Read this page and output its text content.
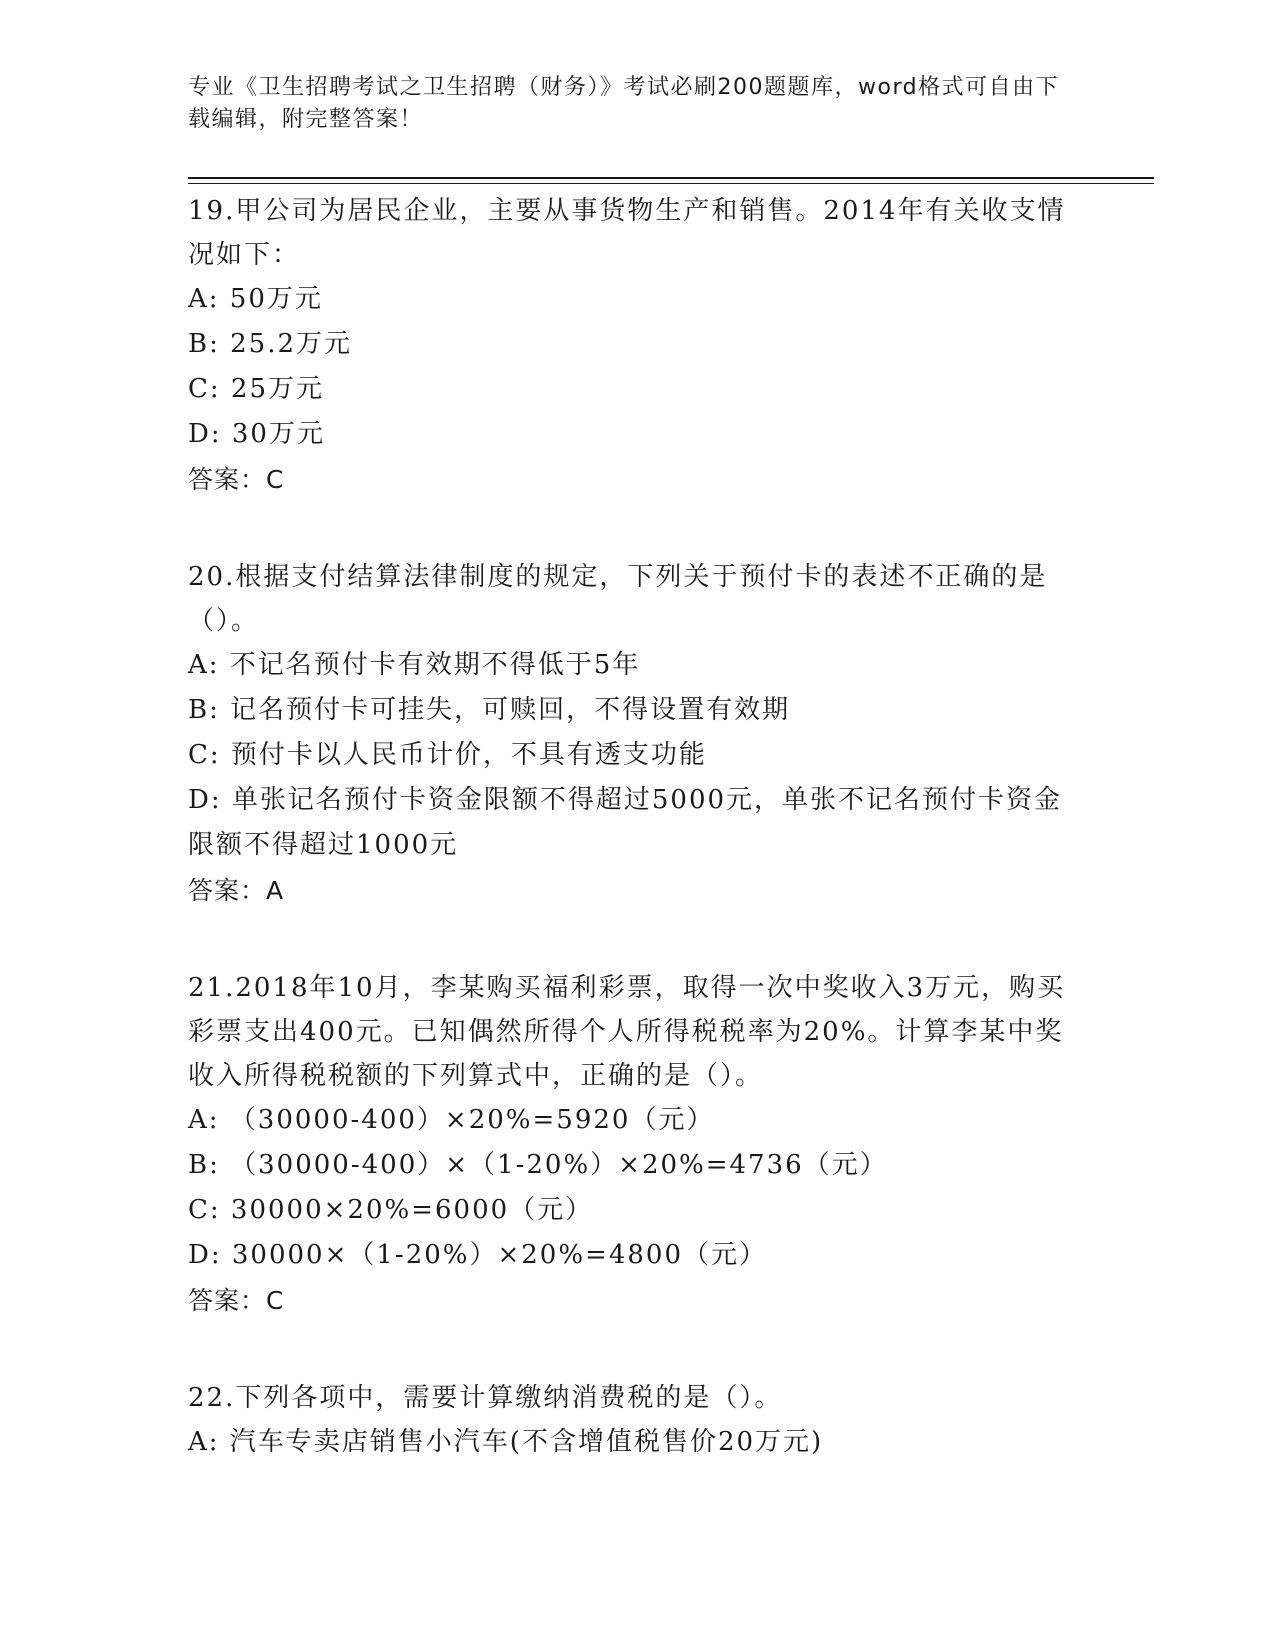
专业《卫生招聘考试之卫生招聘（财务）》考试必刷200题题库，word格式可自由下载编辑，附完整答案！
19.甲公司为居民企业，主要从事货物生产和销售。2014年有关收支情况如下：
A: 50万元
B: 25.2万元
C: 25万元
D: 30万元
答案：C
20.根据支付结算法律制度的规定，下列关于预付卡的表述不正确的是（）。
A: 不记名预付卡有效期不得低于5年
B: 记名预付卡可挂失，可赎回，不得设置有效期
C: 预付卡以人民币计价，不具有透支功能
D: 单张记名预付卡资金限额不得超过5000元，单张不记名预付卡资金限额不得超过1000元
答案：A
21.2018年10月，李某购买福利彩票，取得一次中奖收入3万元，购买彩票支出400元。已知偶然所得个人所得税税率为20%。计算李某中奖收入所得税税额的下列算式中，正确的是（）。
A: （30000-400）×20%=5920（元）
B: （30000-400）×（1-20%）×20%=4736（元）
C: 30000×20%=6000（元）
D: 30000×（1-20%）×20%=4800（元）
答案：C
22.下列各项中，需要计算缴纳消费税的是（）。
A: 汽车专卖店销售小汽车(不含增值税售价20万元)
